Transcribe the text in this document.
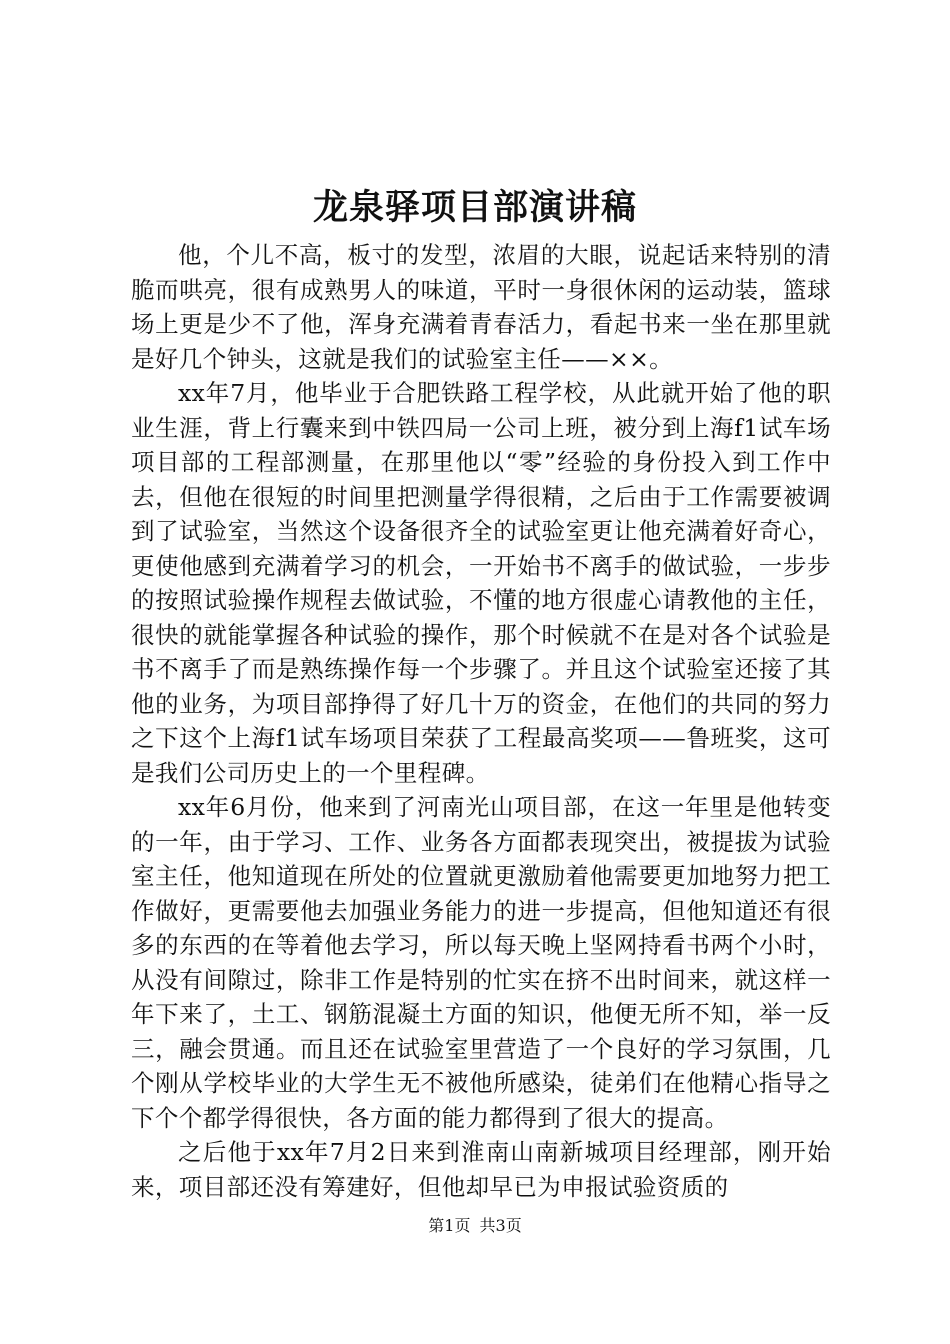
龙泉驿项目部演讲稿

他，个儿不高，板寸的发型，浓眉的大眼，说起话来特别的清脆而哄亮，很有成熟男人的味道，平时一身很休闲的运动装，篮球场上更是少不了他，浑身充满着青春活力，看起书来一坐在那里就是好几个钟头，这就是我们的试验室主任——××。

xx年7月，他毕业于合肥铁路工程学校，从此就开始了他的职业生涯，背上行囊来到中铁四局一公司上班，被分到上海f1试车场项目部的工程部测量，在那里他以“零”经验的身份投入到工作中去，但他在很短的时间里把测量学得很精，之后由于工作需要被调到了试验室，当然这个设备很齐全的试验室更让他充满着好奇心，更使他感到充满着学习的机会，一开始书不离手的做试验，一步步的按照试验操作规程去做试验，不懂的地方很虚心请教他的主任，很快的就能掌握各种试验的操作，那个时候就不在是对各个试验是书不离手了而是熟练操作每一个步骤了。并且这个试验室还接了其他的业务，为项目部挣得了好几十万的资金，在他们的共同的努力之下这个上海f1试车场项目荣获了工程最高奖项——鲁班奖，这可是我们公司历史上的一个里程碑。

xx年6月份，他来到了河南光山项目部，在这一年里是他转变的一年，由于学习、工作、业务各方面都表现突出，被提拔为试验室主任，他知道现在所处的位置就更激励着他需要更加地努力把工作做好，更需要他去加强业务能力的进一步提高，但他知道还有很多的东西的在等着他去学习，所以每天晚上坚网持看书两个小时，从没有间隙过，除非工作是特别的忙实在挤不出时间来，就这样一年下来了，土工、钢筋混凝土方面的知识，他便无所不知，举一反三，融会贯通。而且还在试验室里营造了一个良好的学习氛围，几个刚从学校毕业的大学生无不被他所感染，徒弟们在他精心指导之下个个都学得很快，各方面的能力都得到了很大的提高。

之后他于xx年7月2日来到淮南山南新城项目经理部，刚开始来，项目部还没有筹建好，但他却早已为申报试验资质的

第1页 共3页
